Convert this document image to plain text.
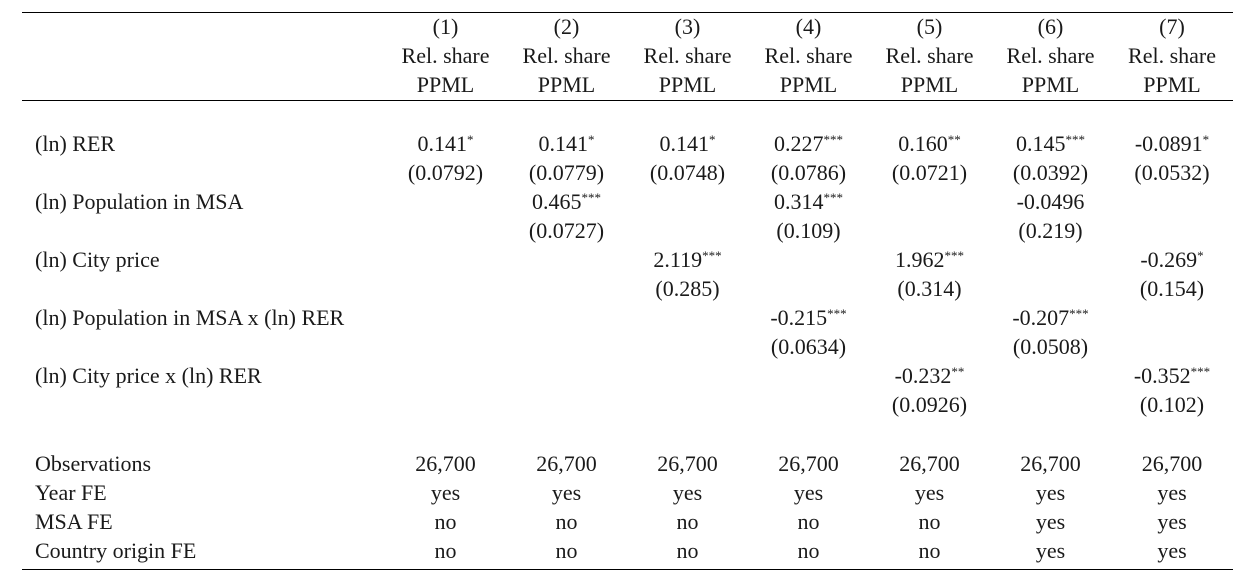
	(1)	(2)	(3)	(4)	(5)	(6)	(7)
	Rel. share	Rel. share	Rel. share	Rel. share	Rel. share	Rel. share	Rel. share
	PPML	PPML	PPML	PPML	PPML	PPML	PPML

(ln) RER	0.141*	0.141*	0.141*	0.227***	0.160**	0.145***	-0.0891*
	(0.0792)	(0.0779)	(0.0748)	(0.0786)	(0.0721)	(0.0392)	(0.0532)
(ln) Population in MSA		0.465***		0.314***		-0.0496	
		(0.0727)		(0.109)		(0.219)	
(ln) City price			2.119***		1.962***		-0.269*
			(0.285)		(0.314)		(0.154)
(ln) Population in MSA x (ln) RER				-0.215***		-0.207***	
				(0.0634)		(0.0508)	
(ln) City price x (ln) RER					-0.232**		-0.352***
					(0.0926)		(0.102)

Observations	26,700	26,700	26,700	26,700	26,700	26,700	26,700
Year FE	yes	yes	yes	yes	yes	yes	yes
MSA FE	no	no	no	no	no	yes	yes
Country origin FE	no	no	no	no	no	yes	yes
